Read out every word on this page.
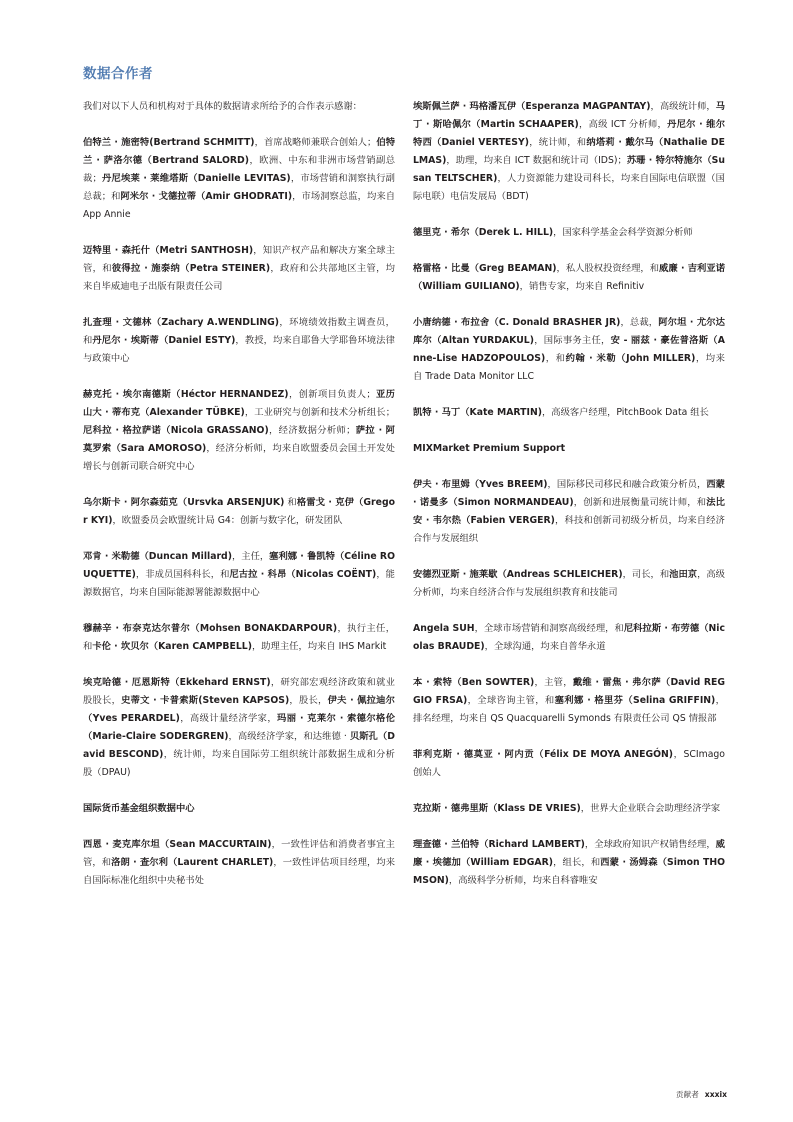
数据合作者
我们对以下人员和机构对于具体的数据请求所给予的合作表示感谢：
伯特兰 · 施密特(Bertrand SCHMITT)，首席战略师兼联合创始人；伯特兰 · 萨洛尔德（Bertrand SALORD)，欧洲、中东和非洲市场营销副总裁；丹尼埃莱 · 莱维塔斯（Danielle LEVITAS)，市场营销和洞察执行副总裁；和阿米尔 · 戈德拉蒂（Amir GHODRATI)，市场洞察总监，均来自 App Annie
迈特里 · 森托什（Metri SANTHOSH)，知识产权产品和解决方案全球主管，和彼得拉 · 施泰纳（Petra STEINER)，政府和公共部地区主管，均来自毕威迪电子出版有限责任公司
扎查理 · 文德林（Zachary A.WENDLING)，环境绩效指数主调查员，和丹尼尔 · 埃斯蒂（Daniel ESTY)，教授，均来自耶鲁大学耶鲁环境法律与政策中心
赫克托 · 埃尔南德斯（Héctor HERNANDEZ)，创新项目负责人；亚历山大 · 蒂布克（Alexander TÜBKE)，工业研究与创新和技术分析组长；尼科拉 · 格拉萨诺（Nicola GRASSANO)，经济数据分析师；萨拉 · 阿莫罗索（Sara AMOROSO)，经济分析师，均来自欧盟委员会国土开发处增长与创新司联合研究中心
乌尔斯卡 · 阿尔森茹克（Ursvka ARSENJUK) 和格雷戈 · 克伊（Gregor KYI)，欧盟委员会欧盟统计局 G4：创新与数字化，研发团队
邓肯 · 米勒德（Duncan Millard)，主任，塞利娜 · 鲁凯特（Céline ROUQUETTE)，非成员国科科长，和尼古拉 · 科昂（Nicolas COËNT)，能源数据官，均来自国际能源署能源数据中心
穆赫辛 · 布奈克达尔普尔（Mohsen BONAKDARPOUR)，执行主任，和卡伦 · 坎贝尔（Karen CAMPBELL)，助理主任，均来自 IHS Markit
埃克哈德 · 厄恩斯特（Ekkehard ERNST)，研究部宏观经济政策和就业股股长，史蒂文 · 卡普索斯(Steven KAPSOS)，股长，伊夫 · 佩拉迪尔（Yves PERARDEL)，高级计量经济学家，玛丽 · 克莱尔 · 索德尔格伦（Marie-Claire SODERGREN)，高级经济学家，和达维德 · 贝斯孔（David BESCOND)，统计师，均来自国际劳工组织统计部数据生成和分析股（DPAU)
国际货币基金组织数据中心
西恩 · 麦克库尔坦（Sean MACCURTAIN)，一致性评估和消费者事宜主管，和洛朗 · 查尔利（Laurent CHARLET)，一致性评估项目经理，均来自国际标准化组织中央秘书处
埃斯佩兰萨 · 玛格潘瓦伊（Esperanza MAGPANTAY)，高级统计师，马丁 · 斯哈佩尔（Martin SCHAAPER)，高级 ICT 分析师，丹尼尔 · 维尔特西（Daniel VERTESY)，统计师，和纳塔莉 · 戴尔马（Nathalie DELMAS)，助理，均来自 ICT 数据和统计司（IDS)；苏珊 · 特尔特施尔（Susan TELTSCHER)，人力资源能力建设司科长，均来自国际电信联盟（国际电联）电信发展局（BDT)
德里克 · 希尔（Derek L. HILL)，国家科学基金会科学资源分析师
格雷格 · 比曼（Greg BEAMAN)，私人股权投资经理，和威廉 · 吉利亚诺（William GUILIANO)，销售专家，均来自 Refinitiv
小唐纳德 · 布拉舍（C. Donald BRASHER JR)，总裁，阿尔坦 · 尤尔达库尔（Altan YURDAKUL)，国际事务主任，安 - 丽兹 · 豪佐普洛斯（Anne-Lise HADZOPOULOS)，和约翰 · 米勒（John MILLER)，均来自 Trade Data Monitor LLC
凯特 · 马丁（Kate MARTIN)，高级客户经理，PitchBook Data 组长
MIXMarket Premium Support
伊夫 · 布里姆（Yves BREEM)，国际移民司移民和融合政策分析员，西蒙 · 诺曼多（Simon NORMANDEAU)，创新和进展衡量司统计师，和法比安 · 韦尔热（Fabien VERGER)，科技和创新司初级分析员，均来自经济合作与发展组织
安德烈亚斯 · 施莱歇（Andreas SCHLEICHER)，司长，和池田京，高级分析师，均来自经济合作与发展组织教育和技能司
Angela SUH，全球市场营销和洞察高级经理，和尼科拉斯 · 布劳德（Nicolas BRAUDE)，全球沟通，均来自普华永道
本 · 索特（Ben SOWTER)，主管，戴维 · 雷焦 · 弗尔萨（David REGGIO FRSA)，全球咨询主管，和塞利娜 · 格里芬（Selina GRIFFIN)，排名经理，均来自 QS Quacquarelli Symonds 有限责任公司 QS 情报部
菲利克斯 · 德莫亚 · 阿内贡（Félix DE MOYA ANEGÓN)，SCImago 创始人
克拉斯 · 德弗里斯（Klass DE VRIES)，世界大企业联合会助理经济学家
理查德 · 兰伯特（Richard LAMBERT)，全球政府知识产权销售经理，威廉 · 埃德加（William EDGAR)，组长，和西蒙 · 汤姆森（Simon THOMSON)，高级科学分析师，均来自科睿唯安
贡献者 xxxix
